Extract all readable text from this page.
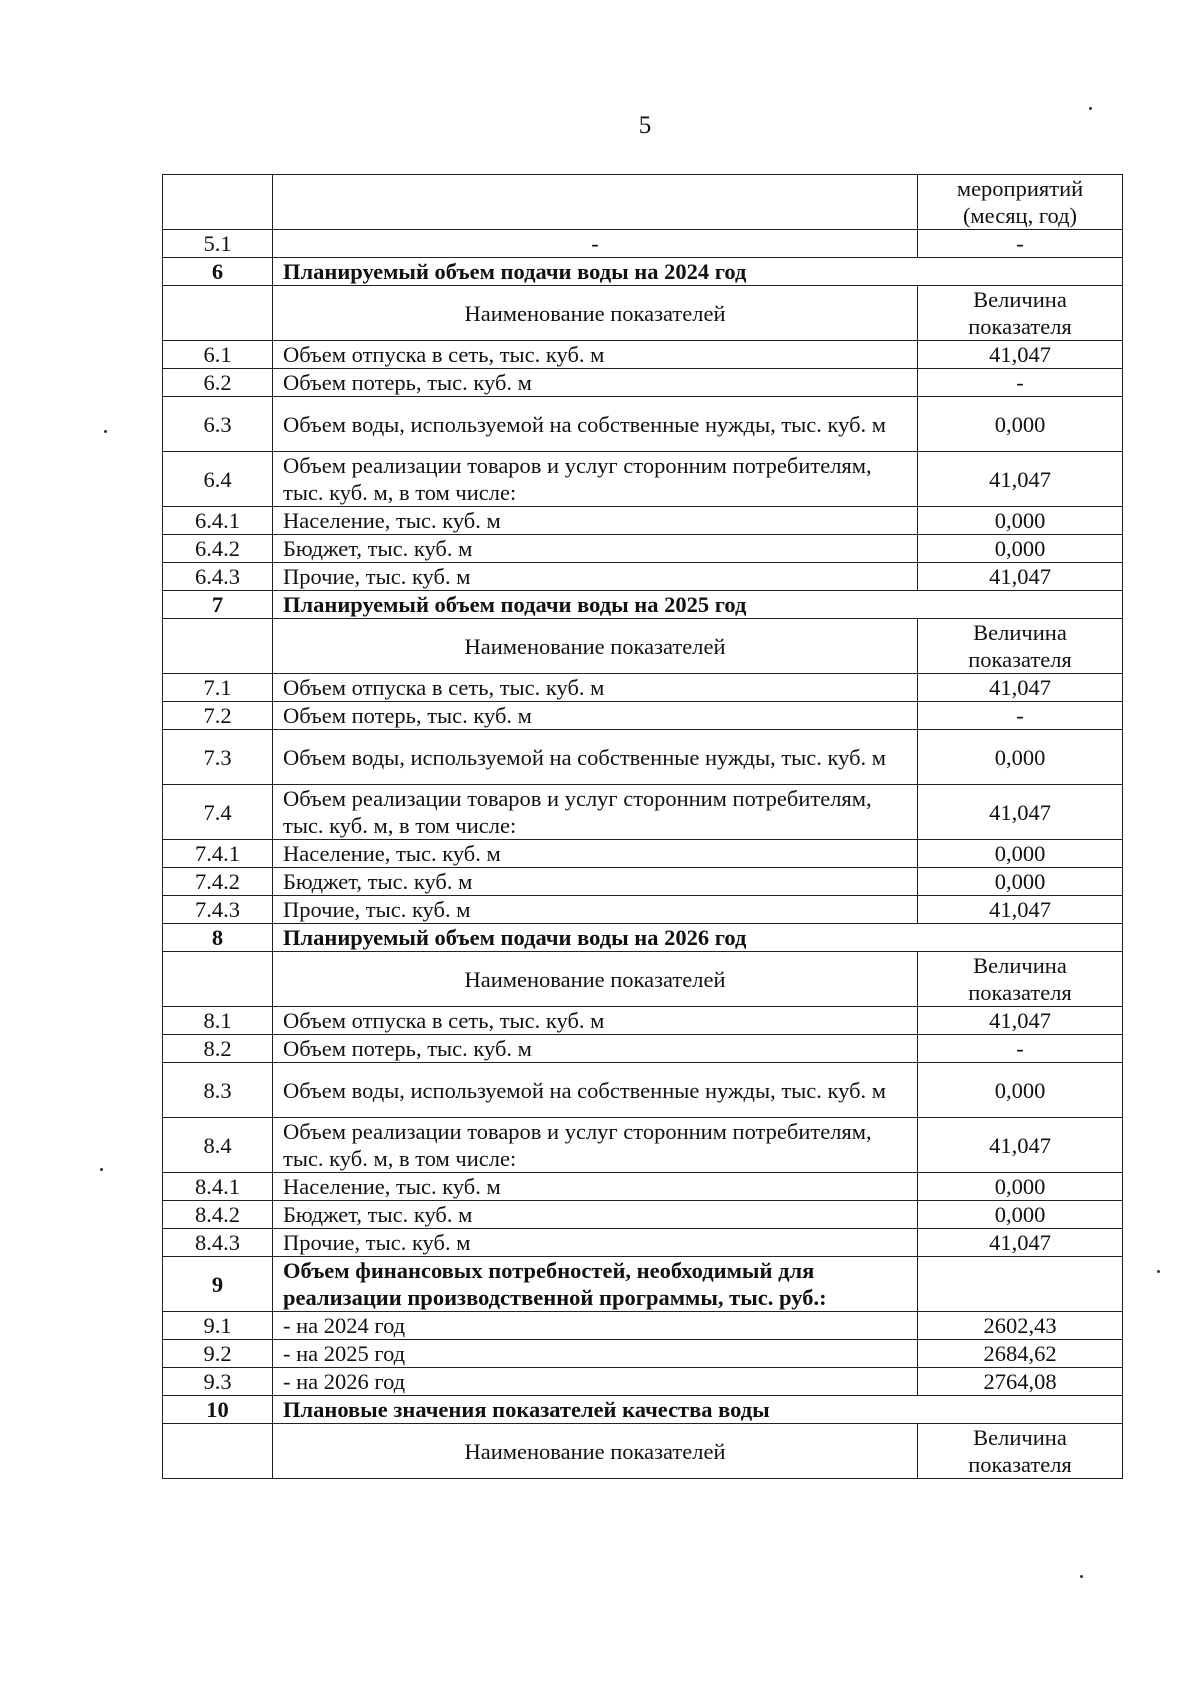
5
		мероприятий (месяц, год)
5.1	-	-
6	Планируемый объем подачи воды на 2024 год	
	Наименование показателей	Величина показателя
6.1	Объем отпуска в сеть, тыс. куб. м	41,047
6.2	Объем потерь, тыс. куб. м	-
6.3	Объем воды, используемой на собственные нужды, тыс. куб. м	0,000
6.4	Объем реализации товаров и услуг сторонним потребителям, тыс. куб. м, в том числе:	41,047
6.4.1	Население, тыс. куб. м	0,000
6.4.2	Бюджет, тыс. куб. м	0,000
6.4.3	Прочие, тыс. куб. м	41,047
7	Планируемый объем подачи воды на 2025 год	
	Наименование показателей	Величина показателя
7.1	Объем отпуска в сеть, тыс. куб. м	41,047
7.2	Объем потерь, тыс. куб. м	-
7.3	Объем воды, используемой на собственные нужды, тыс. куб. м	0,000
7.4	Объем реализации товаров и услуг сторонним потребителям, тыс. куб. м, в том числе:	41,047
7.4.1	Население, тыс. куб. м	0,000
7.4.2	Бюджет, тыс. куб. м	0,000
7.4.3	Прочие, тыс. куб. м	41,047
8	Планируемый объем подачи воды на 2026 год	
	Наименование показателей	Величина показателя
8.1	Объем отпуска в сеть, тыс. куб. м	41,047
8.2	Объем потерь, тыс. куб. м	-
8.3	Объем воды, используемой на собственные нужды, тыс. куб. м	0,000
8.4	Объем реализации товаров и услуг сторонним потребителям, тыс. куб. м, в том числе:	41,047
8.4.1	Население, тыс. куб. м	0,000
8.4.2	Бюджет, тыс. куб. м	0,000
8.4.3	Прочие, тыс. куб. м	41,047
9	Объем финансовых потребностей, необходимый для реализации производственной программы, тыс. руб.:	
9.1	- на 2024 год	2602,43
9.2	- на 2025 год	2684,62
9.3	- на 2026 год	2764,08
10	Плановые значения показателей качества воды	
	Наименование показателей	Величина показателя
